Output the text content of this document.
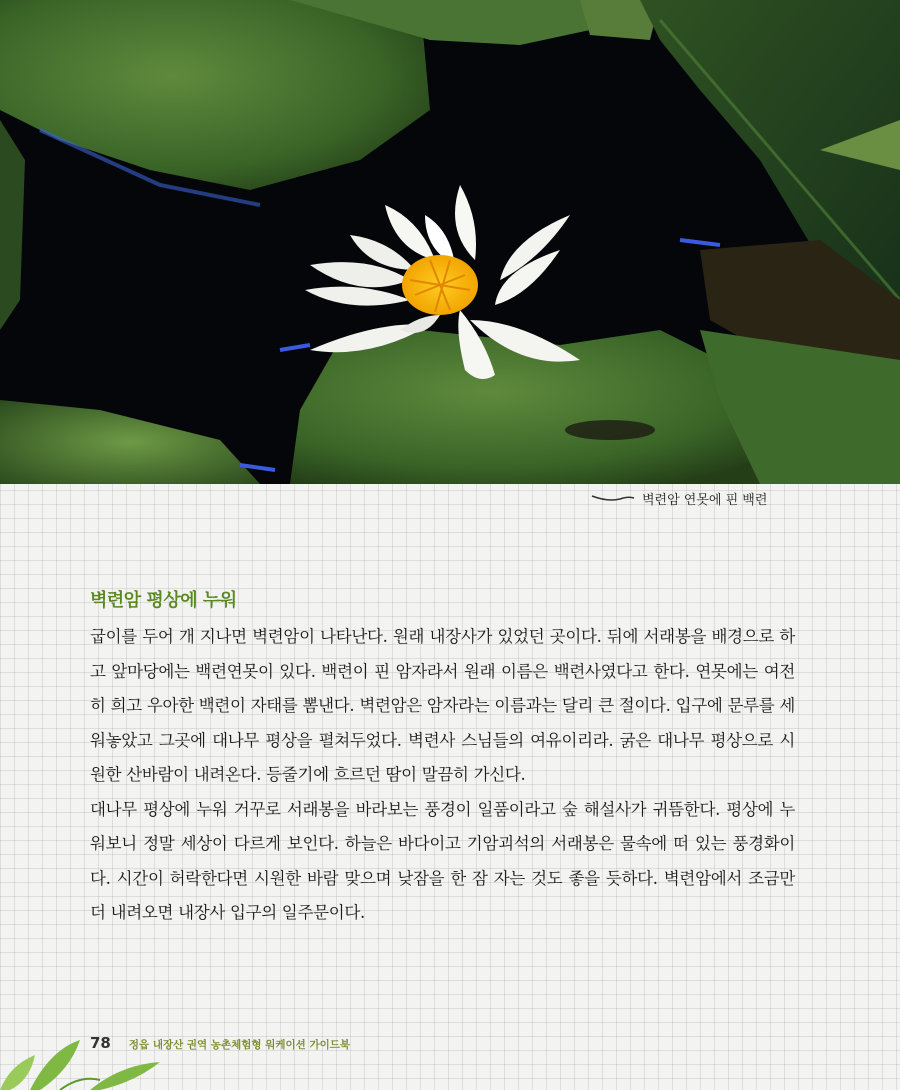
벽련암 연못에 핀 백련
벽련암 평상에 누워

굽이를 두어 개 지나면 벽련암이 나타난다. 원래 내장사가 있었던 곳이다. 뒤에 서래봉을 배경으로 하고 앞마당에는 백련연못이 있다. 백련이 핀 암자라서 원래 이름은 백련사였다고 한다. 연못에는 여전히 희고 우아한 백련이 자태를 뽐낸다. 벽련암은 암자라는 이름과는 달리 큰 절이다. 입구에 문루를 세워놓았고 그곳에 대나무 평상을 펼쳐두었다. 벽련사 스님들의 여유이리라. 굵은 대나무 평상으로 시원한 산바람이 내려온다. 등줄기에 흐르던 땀이 말끔히 가신다.

대나무 평상에 누워 거꾸로 서래봉을 바라보는 풍경이 일품이라고 숲 해설사가 귀뜸한다. 평상에 누워보니 정말 세상이 다르게 보인다. 하늘은 바다이고 기암괴석의 서래봉은 물속에 떠 있는 풍경화이다. 시간이 허락한다면 시원한 바람 맞으며 낮잠을 한 잠 자는 것도 좋을 듯하다. 벽련암에서 조금만 더 내려오면 내장사 입구의 일주문이다.

78 정읍 내장산 권역 농촌체험형 워케이션 가이드북
